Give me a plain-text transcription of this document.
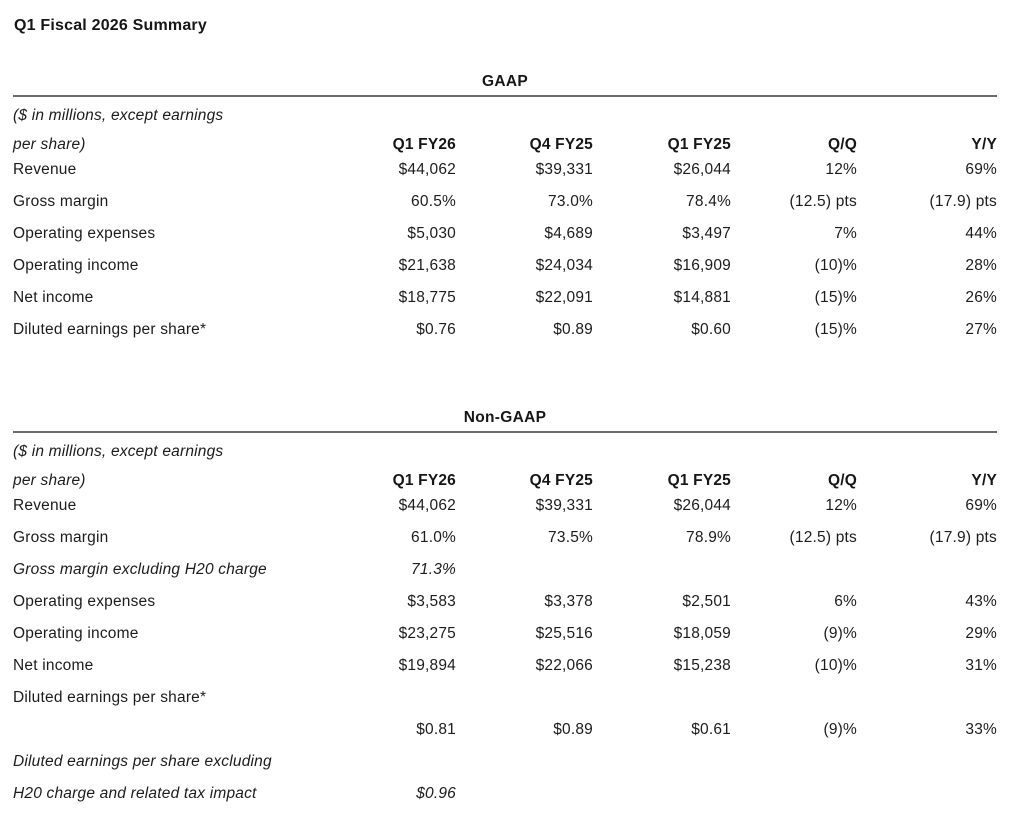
Q1 Fiscal 2026 Summary
GAAP
($ in millions, except earnings					
per share)	Q1 FY26	Q4 FY25	Q1 FY25	Q/Q	Y/Y
Revenue	$44,062	$39,331	$26,044	12%	69%
Gross margin	60.5%	73.0%	78.4%	(12.5) pts	(17.9) pts
Operating expenses	$5,030	$4,689	$3,497	7%	44%
Operating income	$21,638	$24,034	$16,909	(10)%	28%
Net income	$18,775	$22,091	$14,881	(15)%	26%
Diluted earnings per share*	$0.76	$0.89	$0.60	(15)%	27%
Non-GAAP
($ in millions, except earnings					
per share)	Q1 FY26	Q4 FY25	Q1 FY25	Q/Q	Y/Y
Revenue	$44,062	$39,331	$26,044	12%	69%
Gross margin	61.0%	73.5%	78.9%	(12.5) pts	(17.9) pts
Gross margin excluding H20 charge	71.3%				
Operating expenses	$3,583	$3,378	$2,501	6%	43%
Operating income	$23,275	$25,516	$18,059	(9)%	29%
Net income	$19,894	$22,066	$15,238	(10)%	31%
Diluted earnings per share*					
	$0.81	$0.89	$0.61	(9)%	33%
Diluted earnings per share excluding					
H20 charge and related tax impact	$0.96				
